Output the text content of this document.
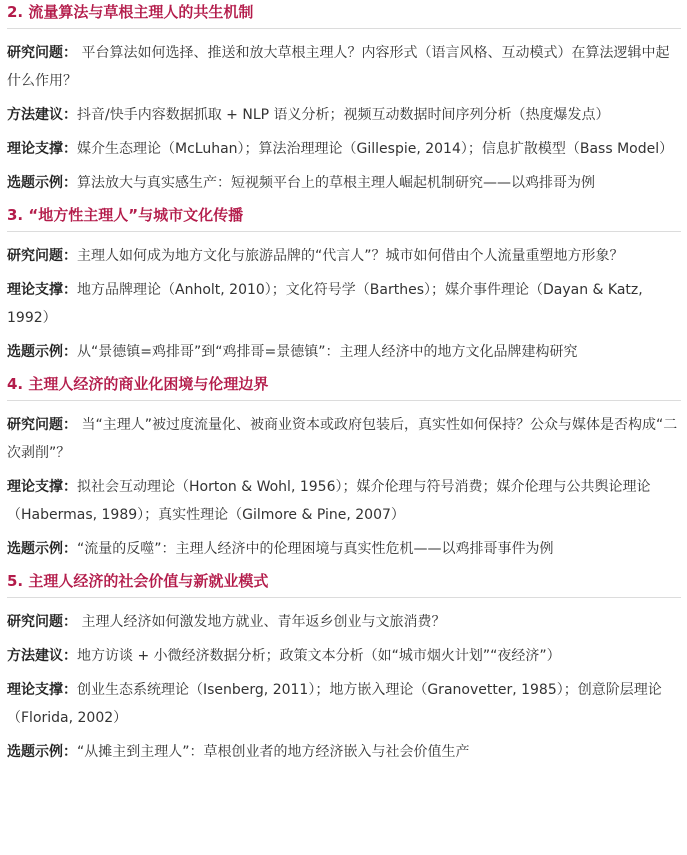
2. 流量算法与草根主理人的共生机制

研究问题： 平台算法如何选择、推送和放大草根主理人？内容形式（语言风格、互动模式）在算法逻辑中起什么作用？

方法建议：抖音/快手内容数据抓取 + NLP 语义分析；视频互动数据时间序列分析（热度爆发点）

理论支撑：媒介生态理论（McLuhan）；算法治理理论（Gillespie, 2014）；信息扩散模型（Bass Model）

选题示例：算法放大与真实感生产：短视频平台上的草根主理人崛起机制研究——以鸡排哥为例

3. “地方性主理人”与城市文化传播

研究问题：主理人如何成为地方文化与旅游品牌的“代言人”？城市如何借由个人流量重塑地方形象？

理论支撑：地方品牌理论（Anholt, 2010）；文化符号学（Barthes）；媒介事件理论（Dayan & Katz, 1992）

选题示例：从“景德镇=鸡排哥”到“鸡排哥=景德镇”：主理人经济中的地方文化品牌建构研究

4. 主理人经济的商业化困境与伦理边界

研究问题： 当“主理人”被过度流量化、被商业资本或政府包装后，真实性如何保持？公众与媒体是否构成“二次剥削”？

理论支撑：拟社会互动理论（Horton & Wohl, 1956）；媒介伦理与符号消费；媒介伦理与公共舆论理论（Habermas, 1989）；真实性理论（Gilmore & Pine, 2007）

选题示例：“流量的反噬”：主理人经济中的伦理困境与真实性危机——以鸡排哥事件为例

5. 主理人经济的社会价值与新就业模式

研究问题： 主理人经济如何激发地方就业、青年返乡创业与文旅消费？

方法建议：地方访谈 + 小微经济数据分析；政策文本分析（如“城市烟火计划”“夜经济”）

理论支撑：创业生态系统理论（Isenberg, 2011）；地方嵌入理论（Granovetter, 1985）；创意阶层理论（Florida, 2002）

选题示例：“从摊主到主理人”：草根创业者的地方经济嵌入与社会价值生产
